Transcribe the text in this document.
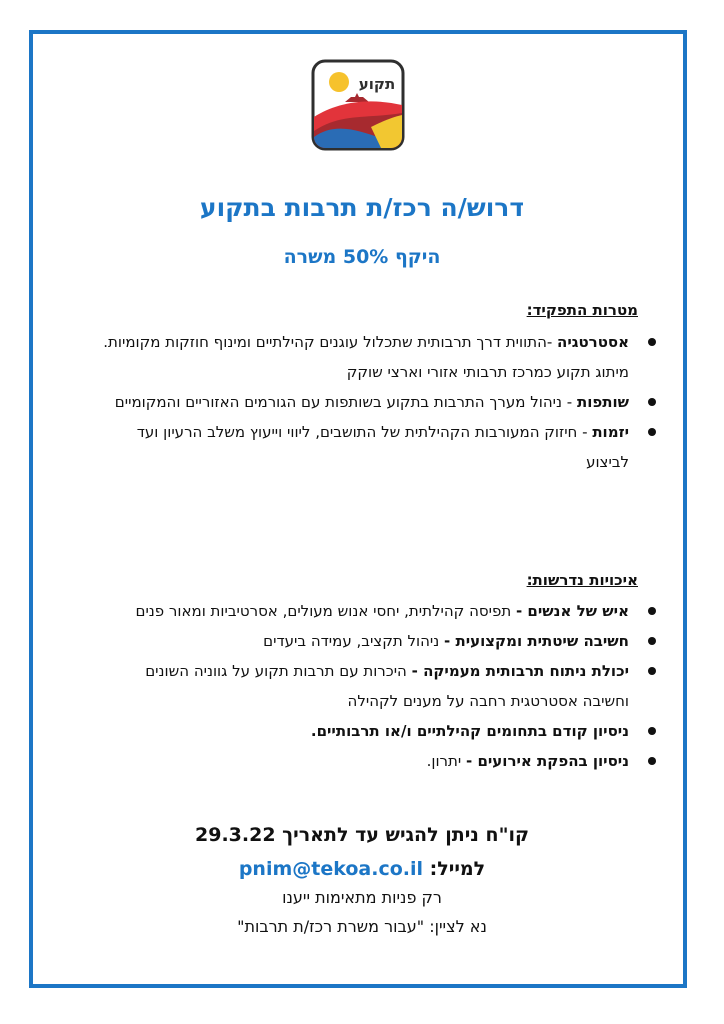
תקוע
דרוש/ה רכז/ת תרבות בתקוע
היקף 50% משרה
מטרות התפקיד:
אסטרטגיה -התווית דרך תרבותית שתכלול עוגנים קהילתיים ומינוף חוזקות מקומיות.
מיתוג תקוע כמרכז תרבותי אזורי וארצי שוקק
שותפות - ניהול מערך התרבות בתקוע בשותפות עם הגורמים האזוריים והמקומיים
יזמות - חיזוק המעורבות הקהילתית של התושבים, ליווי וייעוץ משלב הרעיון ועד לביצוע
איכויות נדרשות:
איש של אנשים - תפיסה קהילתית, יחסי אנוש מעולים, אסרטיביות ומאור פנים
חשיבה שיטתית ומקצועית - ניהול תקציב, עמידה ביעדים
יכולת ניתוח תרבותית מעמיקה - היכרות עם תרבות תקוע על גווניה השונים וחשיבה אסטרטגית רחבה על מענים לקהילה
ניסיון קודם בתחומים קהילתיים ו/או תרבותיים.
ניסיון בהפקת אירועים - יתרון.
קו"ח ניתן להגיש עד לתאריך 29.3.22
למייל: pnim@tekoa.co.il
רק פניות מתאימות ייענו
נא לציין: "עבור משרת רכז/ת תרבות"
